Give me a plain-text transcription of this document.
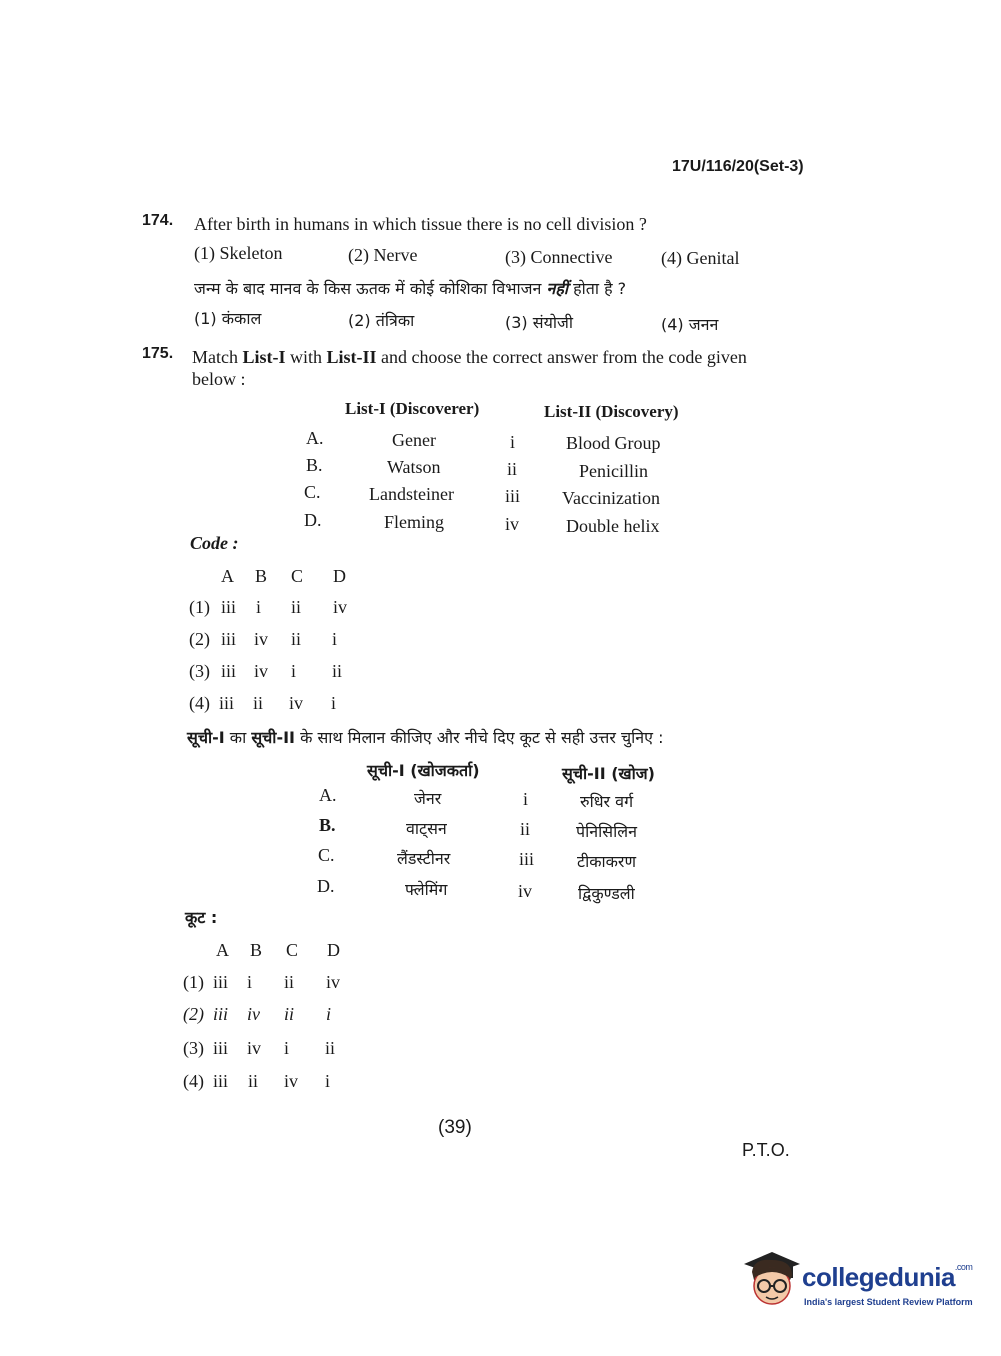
17U/116/20(Set-3)
174. After birth in humans in which tissue there is no cell division ?
(1) Skeleton	(2) Nerve	(3) Connective	(4) Genital
जन्म के बाद मानव के किस ऊतक में कोई कोशिका विभाजन नहीं होता है ?
(1) कंकाल	(2) तंत्रिका	(3) संयोजी	(4) जनन
175. Match List-I with List-II and choose the correct answer from the code given
below :
List-I (Discoverer)	List-II (Discovery)
A.	Gener	i	Blood Group
B.	Watson	ii	Penicillin
C.	Landsteiner	iii Vaccinization
D.	Fleming	iv	Double helix
Code :
A B C D
(1) iii i ii iv
(2) iii iv ii i
(3) iii iv i ii
(4) iii ii iv i
सूची-I का सूची-II के साथ मिलान कीजिए और नीचे दिए कूट से सही उत्तर चुनिए :
सूची-I (खोजकर्ता)	सूची-II (खोज)
A.	जेनर	i	रुधिर वर्ग
B.	वाट्सन	ii	पेनिसिलिन
C.	लैंडस्टीनर	iii	टीकाकरण
D.	फ्लेमिंग	iv	द्विकुण्डली
कूट :
A B C D
(1) iii i ii iv
(2) iii iv ii i
(3) iii iv i ii
(4) iii ii iv i
(39)
P.T.O.
collegedunia$^{.com}$
India's largest Student Review Platform
